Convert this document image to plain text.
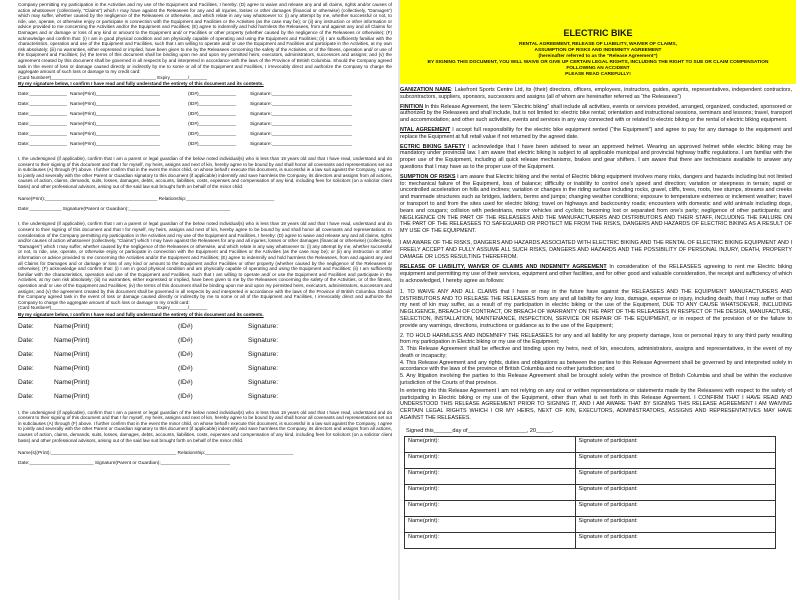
Company permitting my participation in the Activities and my use of the Equipment and Facilities, I hereby: (D) agree to waive and release any and all claims, rights and/or causes of action whatsoever (collectively, “Claims”) which I may have against the Releasees for any and all injuries, losses or other damages (financial or otherwise) (collectively, “Damages”) which may suffer, whether caused by the negligence of the Releasees or otherwise, and which relate in any way whatsoever to: (i) any attempt by me, whether successful or not, to ride, use, operate, or otherwise enjoy or participate in connection with the Equipment and Facilities or the Activities (as the case may be); or (ii) any instruction or other information or advice provided to me concerning the Activities and/or the Equipment and Facilities; (E) agree to indemnify and hold harmless the Releasees, from and against any and all Claims for Damages and or damage or loss of any kind or amount to the Equipment and/ or Facilities or other property (whether caused by the negligence of the Releasees or otherwise); (F) acknowledge and confirm that: (i) I am in good physical condition and am physically capable of operating and using the Equipment and Facilities; (ii) I am sufficiently familiar with the characteristics, operation and use of the Equipment and Facilities, such that I am willing to operate and/ or use the Equipment and Facilities and participate in the Activities, at my own risk absolutely; (iii) no warranties, either expressed or implied, have been given to me by the Releasees concerning the safety of the Activities, or of the fitness, operation and/ or use of the Equipment and Facilities; (iv) the terms of this document shall be binding upon me and upon my permitted heirs, executors, administrators, successors and assigns; and (v) the agreement created by this document shall be governed in all respects by and interpreted in accordance with the laws of the Province of British Columbia. Should the Company agreed task in the event of loss or damage caused directly or indirectly by me to some or all of the Equipment and Facilities, I irrevocably direct and authorize the Company to charge the aggregate amount of such loss or damage to my credit card:

(Card Number#)_________________________________________ Expiry_______/_______

By my signature below, I confirm I have read and fully understand the entirety of this document and its contents.

Date:______________ Name(Print)________________________	(ID#)______________	Signature:______________________________
Date:______________ Name(Print)________________________	(ID#)______________	Signature:______________________________
Date:______________ Name(Print)________________________	(ID#)______________	Signature:______________________________
Date:______________ Name(Print)________________________	(ID#)______________	Signature:______________________________
Date:______________ Name(Print)________________________	(ID#)______________	Signature:______________________________
Date:______________ Name(Print)________________________	(ID#)______________	Signature:______________________________

I, the undersigned (if applicable), confirm that I am a parent or legal guardian of the below noted individual(s) who is less than 19 years old and that I have read, understand and do consent to their signing of this document and that I for myself, my heirs, assigns and next of kin, hereby agree to be bound by and shall honor all covenants and representations set out in subclauses (A) through (F) above. I further confirm that in the event the minor child, on whose behalf I execute this document, is successful in a law suit against the Company, I agree to jointly and severally with the other Parent or Guardian signatory to this document (if applicable) indemnify and save harmless the Company, its directors and assigns from all actions, causes of action, claims, demands, suits, losses, damages, debts, accounts, liabilities, costs, expenses and compensation of any kind, including fees for solicitors (on a solicitor client basis) and other professional advisors, arising out of the said law suit brought forth on behalf of the minor child.

Name(Print):__________________________________________ Relationship:_________________________________
Date:____________ Signature(Parent or Guardian):______________________________________

I, the undersigned (if applicable), confirm that I am a parent or legal guardian of the below noted individual(s) who is less than 19 years old and that I have read, understand and do consent to their signing of this document and that I for myself, my heirs, assigns and next of kin, hereby agree to be bound by and shall honor all covenants and representations. In consideration of the Company permitting my participation in the Activities and my use of the Equipment and Facilities, I hereby: (D) agree to waive and release any and all claims, rights and/or causes of action whatsoever (collectively, “Claims”) which I may have against the Releasees for any and all injuries, losses or other damages (financial or otherwise) (collectively, “Damages”) which I may suffer, whether caused by the negligence of the Releasees or otherwise, and which relate in any way whatsoever to: (i) any attempt by me, whether successful or not, to ride, use, operate, or otherwise enjoy or participate in connection with the Equipment and Facilities or the Activities (as the case may be); or (ii) any instruction or other information or advice provided to me concerning the Activities and/or the Equipment and Facilities; (E) agree to indemnify and hold harmless the Releasees, from and against any and all Claims for Damages and or damage or loss of any kind or amount to the Equipment and/or Facilities or other property (whether caused by the negligence of the Releasees or otherwise); (F) acknowledge and confirm that: (i) I am in good physical condition and am physically capable of operating and using the Equipment and Facilities; (ii) I am sufficiently familiar with the characteristics, operation and use of the Equipment and Facilities, such that I am willing to operate and/ or use the Equipment and Facilities and participate in the Activities, at my own risk absolutely; (iii) no warranties, either expressed or implied, have been given to me by the Releasees concerning the safety of the Activities, or of the fitness, operation and/ or use of the Equipment and Facilities; (iv) the terms of this document shall be binding upon me and upon my permitted heirs, executors, administrators, successors and assigns; and (v) the agreement created by this document shall be governed in all respects by and interpreted in accordance with the laws of the Province of British Columbia. Should the Company agreed task in the event of loss or damage caused directly or indirectly by me to some or all of the Equipment and Facilities, I irrevocably direct and authorize the Company to charge the aggregate amount of such loss or damage to my credit card:

(Card Number#)_________________________________________ Expiry_______/_______

By my signature below, I confirm I have read and fully understand the entirety of this document and its contents.

Date:	Name(Print)	(ID#)	Signature:
Date:	Name(Print)	(ID#)	Signature:
Date:	Name(Print)	(ID#)	Signature:
Date:	Name(Print)	(ID#)	Signature:
Date:	Name(Print)	(ID#)	Signature:
Date:	Name(Print)	(ID#)	Signature:

I, the undersigned (if applicable), confirm that I am a parent or legal guardian of the below noted individual(s) who is less than 19 years old and that I have read, understand and do consent to their signing of this document and that I for myself, my heirs, assigns and next of kin, hereby agree to be bound by and shall honor all covenants and representations set out in subclauses (A) through (F) above. I further confirm that in the event the minor child, on whose behalf I execute this document, is successful in a law suit against the Company, I agree to jointly and severally with the other Parent or Guardian signatory to this document (if applicable) indemnify and save harmless the Company, its directors and assigns from all actions, causes of action, claims, demands, suits, losses, damages, debts, accounts, liabilities, costs, expenses and compensation of any kind, including fees for solicitors (on a solicitor client basis) and other professional advisors, arising out of the said law suit brought forth on behalf of the minor child.

Name(s)(Print):_______________________________________________ Relationship:_________________________________
Date:________________________ Signature(Parent or Guardian):__________________________
ELECTRIC BIKE

RENTAL AGREEMENT, RELEASE OF LIABILITY, WAIVER OF CLAIMS,

ASSUMPTION OF RISKS AND INDEMNITY AGREEMENT

(hereinafter referred to as the “Release Agreement”)

BY SIGNING THIS DOCUMENT, YOU WILL WAIVE OR GIVE UP CERTAIN LEGAL RIGHTS, INCLUDING THE RIGHT TO SUE OR CLAIM COMPENSATION

FOLLOWING AN ACCIDENT

PLEASE READ CAREFULLY!

GANIZATION NAME: Lakefront Sports Centre Ltd, its (their) directors, officers, employees, instructors, guides, agents, representatives, independent contractors, subcontractors, suppliers, sponsors, successors and assigns (all of whom are hereinafter referred as “the Releasees”)

FINITION In this Release Agreement, the term “Electric biking” shall include all activities, events or services provided, arranged, organized, conducted, sponsored or authorized by the Releasees and shall include, but is not limited to: electric bike rental; orientation and instructional sessions, seminars and lessons; travel, transport and accommodation; and other such activities, events and services in any way connected with or related to electric biking or the rental of electric biking equipment.

NTAL AGREEMENT I accept full responsibility for the electric bike equipment rented (“the Equipment”) and agree to pay for any damage to the equipment and replace the Equipment at full retail value if not returned by the agreed date.

ECTRIC BIKING SAFETY I acknowledge that I have been advised to wear an approved helmet. Wearing an approved helmet while electric biking may be mandatory under provincial law. I am aware that electric biking is subject to all applicable municipal and provincial highway traffic regulations. I am familiar with the proper use of the Equipment, including all quick release mechanisms, brakes and gear shifters. I am aware that there are technicians available to answer any questions that I may have as to the proper use of the Equipment.

SUMPTION OF RISKS I am aware that Electric biking and the rental of Electric biking equipment involves many risks, dangers and hazards including but not limited to: mechanical failure of the Equipment, loss of balance; difficulty or inability to control one’s speed and direction; variation or steepness in terrain; rapid or uncontrolled acceleration on hills and inclines; variation or changes in the riding surface including rocks, gravel, cliffs, trees, roots, tree stumps, streams and creeks and manmade structures such as bridges, ladders, berms and jumps; changing weather conditions; exposure to temperature extremes or inclement weather; travel or transport to and from the sites used for electric biking; travel on highways and backcountry roads; encounters with domestic and wild animals including dogs, bears and cougars; collision with pedestrians, motor vehicles and cyclists; becoming lost or separated from one’s party; negligence of other participants; and NEGLIGENCE ON THE PART OF THE RELEASEES AND THE MANUFACTURERS AND DISTRIBUTORS AND THEIR STAFF, INCLUDING THE FAILURE ON THE PART OF THE RELEASEES TO SAFEGUARD OR PROTECT ME FROM THE RISKS, DANGERS AND HAZARDS OF ELECTRIC BIKING AS A RESULT OF MY USE OF THE EQUIPMENT.

I AM AWARE OF THE RISKS, DANGERS AND HAZARDS ASSOCIATED WITH ELECTRIC BIKING AND THE RENTAL OF ELECTRIC BIKING EQUIPMENT AND I FREELY ACCEPT AND FULLY ASSUME ALL SUCH RISKS, DANGERS AND HAZARDS AND THE POSSIBILITY OF PERSONAL INJURY, DEATH, PROPERTY DAMAGE OR LOSS RESULTING THEREFROM.

RELEASE OF LIABILITY, WAIVER OF CLAIMS AND INDEMNITY AGREEMENT In consideration of the RELEASEES agreeing to rent me Electric biking equipment and permitting my use of their services, equipment and other facilities, and for other good and valuable consideration, the receipt and sufficiency of which is acknowledged, I hereby agree as follows:

1. TO WAIVE ANY AND ALL CLAIMS that I have or may in the future have against the RELEASEES AND THE EQUIPMENT MANUFACTURERS AND DISTRIBUTORS AND TO RELEASE THE RELEASEES from any and all liability for any loss, damage, expense or injury, including death, that I may suffer or that my next of kin may suffer, as a result of my participation in electric biking or the use of the Equipment, DUE TO ANY CAUSE WHATSOEVER, INCLUDING NEGLIGENCE, BREACH OF CONTRACT, OR BREACH OF WARRANTY ON THE PART OF THE RELEASEES IN RESPECT OF THE DESIGN, MANUFACTURE, SELECTION, INSTALLATION, MAINTENANCE, INSPECTION, SERVICE OR REPAIR OF THE EQUIPMENT, or in respect of the provision of or the failure to provide any warnings, directions, instructions or guidance as to the use of the Equipment;

2. TO HOLD HARMLESS AND INDEMNIFY THE RELEASEES for any and all liability for any property damage, loss or personal injury to any third party resulting from my participation in Electric biking or my use of the Equipment;

3. This Release Agreement shall be effective and binding upon my heirs, next of kin, executors, administrators, assigns and representatives, in the event of my death or incapacity;

4. This Release Agreement and any rights, duties and obligations as between the parties to this Release Agreement shall be governed by and interpreted solely in accordance with the laws of the province of British Columbia and no other jurisdiction; and

5. Any litigation involving the parties to this Release Agreement shall be brought solely within the province of British Columbia and shall be within the exclusive jurisdiction of the Courts of that province.

In entering into this Release Agreement I am not relying on any oral or written representations or statements made by the Releasees with respect to the safety of participating in Electric biking or my use of the Equipment, other than what is set forth in this Release Agreement. I CONFIRM THAT I HAVE READ AND UNDERSTOOD THIS RELEASE AGREEMENT PRIOR TO SIGNING IT, AND I AM AWARE THAT BY SIGNING THIS RELEASE AGREEMENT I AM WAIVING CERTAIN LEGAL RIGHTS WHICH I OR MY HEIRS, NEXT OF KIN, EXECUTORS, ADMINISTRATORS, ASSIGNS AND REPRESENTATIVES MAY HAVE AGAINST THE RELEASEES.

Signed this______day of___________________, 20_____.
Name(print):	Signature of participant:
Name(print):	Signature of participant:
Name(print):	Signature of participant:
Name(print):	Signature of participant:
Name(print):	Signature of participant:
Name(print):	Signature of participant:
Name(print):	Signature of participant:
